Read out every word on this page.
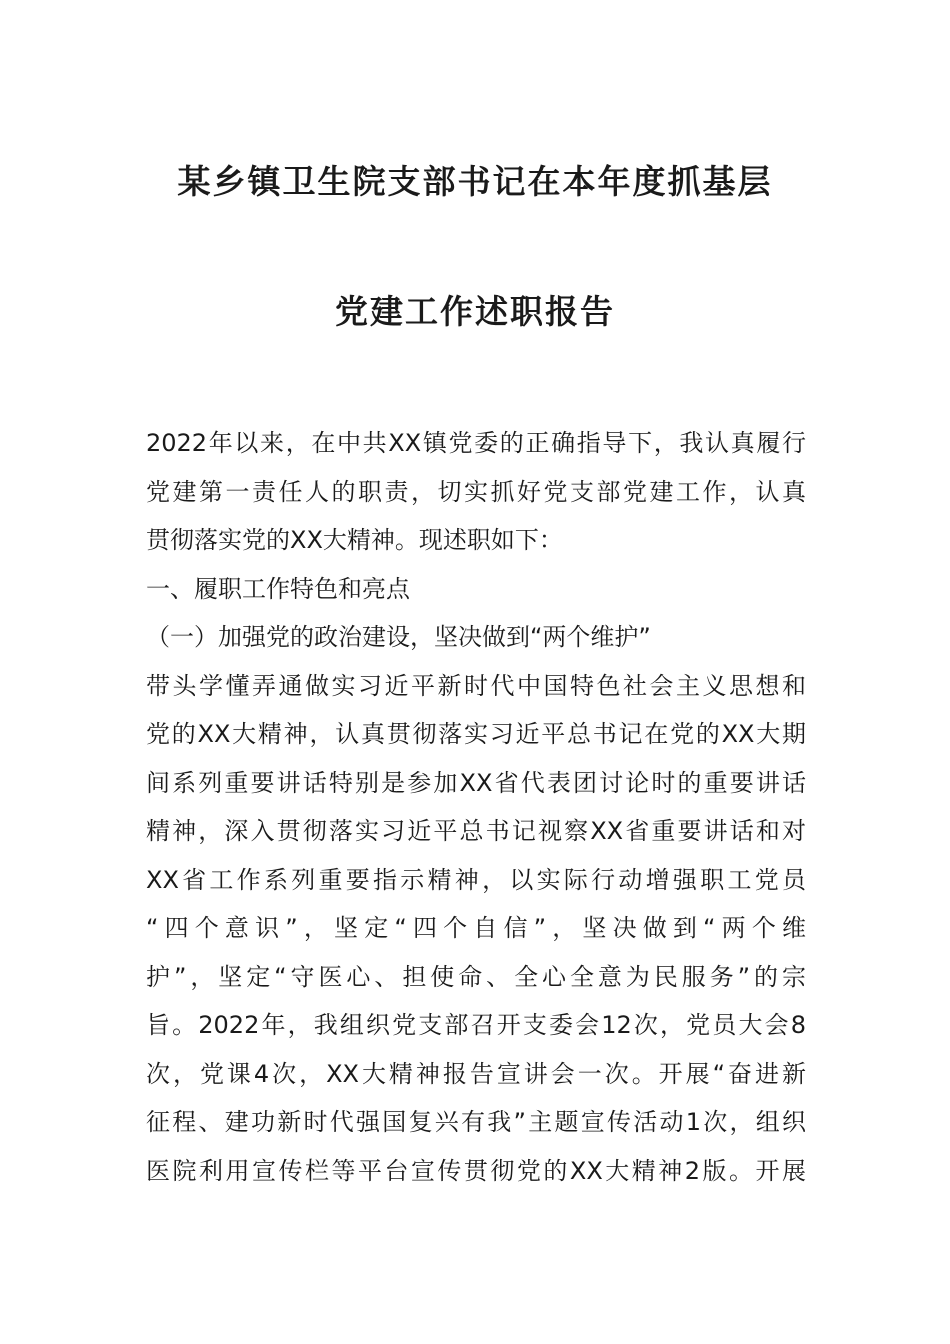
某乡镇卫生院支部书记在本年度抓基层
党建工作述职报告
2022年以来，在中共XX镇党委的正确指导下，我认真履行
党建第一责任人的职责，切实抓好党支部党建工作，认真
贯彻落实党的XX大精神。现述职如下：
一、履职工作特色和亮点
（一）加强党的政治建设，坚决做到“两个维护”
带头学懂弄通做实习近平新时代中国特色社会主义思想和
党的XX大精神，认真贯彻落实习近平总书记在党的XX大期
间系列重要讲话特别是参加XX省代表团讨论时的重要讲话
精神，深入贯彻落实习近平总书记视察XX省重要讲话和对
XX省工作系列重要指示精神，以实际行动增强职工党员
“四个意识”，坚定“四个自信”，坚决做到“两个维
护”，坚定“守医心、担使命、全心全意为民服务”的宗
旨。2022年，我组织党支部召开支委会12次，党员大会8
次，党课4次，XX大精神报告宣讲会一次。开展“奋进新
征程、建功新时代强国复兴有我”主题宣传活动1次，组织
医院利用宣传栏等平台宣传贯彻党的XX大精神2版。开展
